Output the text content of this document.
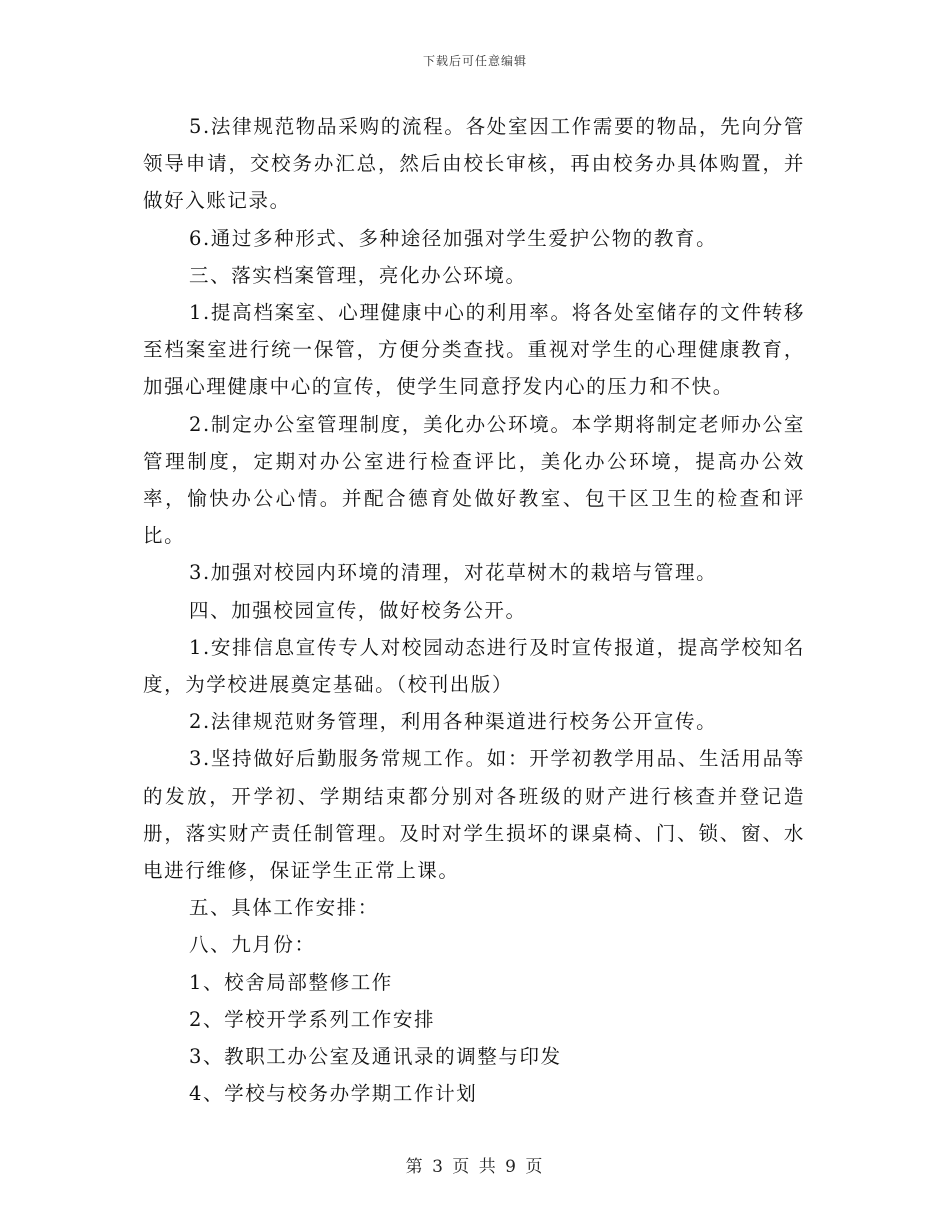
下载后可任意编辑

5.法律规范物品采购的流程。各处室因工作需要的物品，先向分管领导申请，交校务办汇总，然后由校长审核，再由校务办具体购置，并做好入账记录。

6.通过多种形式、多种途径加强对学生爱护公物的教育。

三、落实档案管理，亮化办公环境。

1.提高档案室、心理健康中心的利用率。将各处室储存的文件转移至档案室进行统一保管，方便分类查找。重视对学生的心理健康教育，加强心理健康中心的宣传，使学生同意抒发内心的压力和不快。

2.制定办公室管理制度，美化办公环境。本学期将制定老师办公室管理制度，定期对办公室进行检查评比，美化办公环境，提高办公效率，愉快办公心情。并配合德育处做好教室、包干区卫生的检查和评比。

3.加强对校园内环境的清理，对花草树木的栽培与管理。

四、加强校园宣传，做好校务公开。

1.安排信息宣传专人对校园动态进行及时宣传报道，提高学校知名度，为学校进展奠定基础。（校刊出版）

2.法律规范财务管理，利用各种渠道进行校务公开宣传。

3.坚持做好后勤服务常规工作。如：开学初教学用品、生活用品等的发放，开学初、学期结束都分别对各班级的财产进行核查并登记造册，落实财产责任制管理。及时对学生损坏的课桌椅、门、锁、窗、水电进行维修，保证学生正常上课。

五、具体工作安排：

八、九月份：

1、校舍局部整修工作

2、学校开学系列工作安排

3、教职工办公室及通讯录的调整与印发

4、学校与校务办学期工作计划

第 3 页 共 9 页
